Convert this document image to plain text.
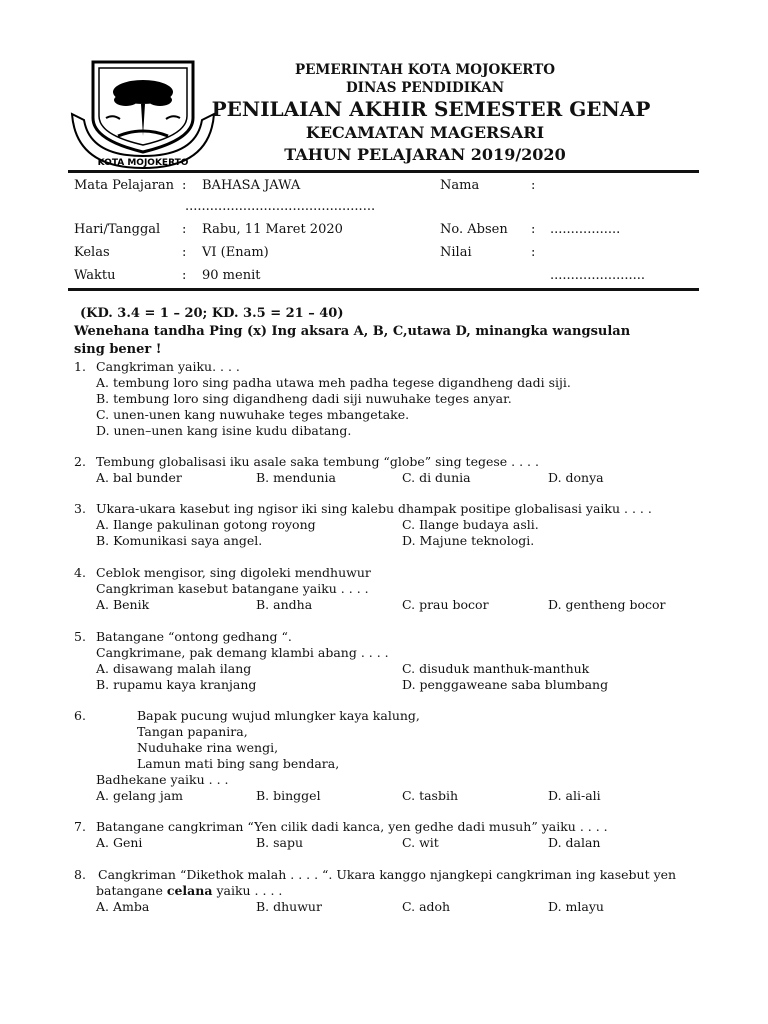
KOTA MOJOKERTO
PEMERINTAH KOTA MOJOKERTO
DINAS PENDIDIKAN
PENILAIAN AKHIR SEMESTER GENAP
KECAMATAN MAGERSARI
TAHUN PELAJARAN 2019/2020
Mata Pelajaran : BAHASA JAWA	Nama	:
..............................................
Hari/Tanggal : Rabu, 11 Maret 2020	No. Absen : .................
Kelas	: VI (Enam)	Nilai	:
Waktu	: 90 menit	.......................
(KD. 3.4 = 1 – 20; KD. 3.5 = 21 – 40)
Wenehana tandha Ping (x) Ing aksara A, B, C,utawa D, minangka wangsulan
sing bener !
1. Cangkriman yaiku. . . .
A. tembung loro sing padha utawa meh padha tegese digandheng dadi siji.
B. tembung loro sing digandheng dadi siji nuwuhake teges anyar.
C. unen-unen kang nuwuhake teges mbangetake.
D. unen–unen kang isine kudu dibatang.
2. Tembung globalisasi iku asale saka tembung “globe” sing tegese . . . .
A. bal bunder	B. mendunia	C. di dunia	D. donya
3. Ukara-ukara kasebut ing ngisor iki sing kalebu dhampak positipe globalisasi yaiku . . . .
A. Ilange pakulinan gotong royong	C. Ilange budaya asli.
B. Komunikasi saya angel.	D. Majune teknologi.
4. Ceblok mengisor, sing digoleki mendhuwur
Cangkriman kasebut batangane yaiku . . . .
A. Benik	B. andha	C. prau bocor	D. gentheng bocor
5. Batangane “ontong gedhang “.
Cangkrimane, pak demang klambi abang . . . .
A. disawang malah ilang	C. disuduk manthuk-manthuk
B. rupamu kaya kranjang	D. penggaweane saba blumbang
6.	Bapak pucung wujud mlungker kaya kalung,
Tangan papanira,
Nuduhake rina wengi,
Lamun mati bing sang bendara,
Badhekane yaiku . . .
A. gelang jam	B. binggel	C. tasbih	D. ali-ali
7. Batangane cangkriman “Yen cilik dadi kanca, yen gedhe dadi musuh” yaiku . . . .
A. Geni	B. sapu	C. wit	D. dalan
8. Cangkriman “Dikethok malah . . . . “. Ukara kanggo njangkepi cangkriman ing kasebut yen
batangane celana yaiku . . . .
A. Amba	B. dhuwur	C. adoh	D. mlayu
